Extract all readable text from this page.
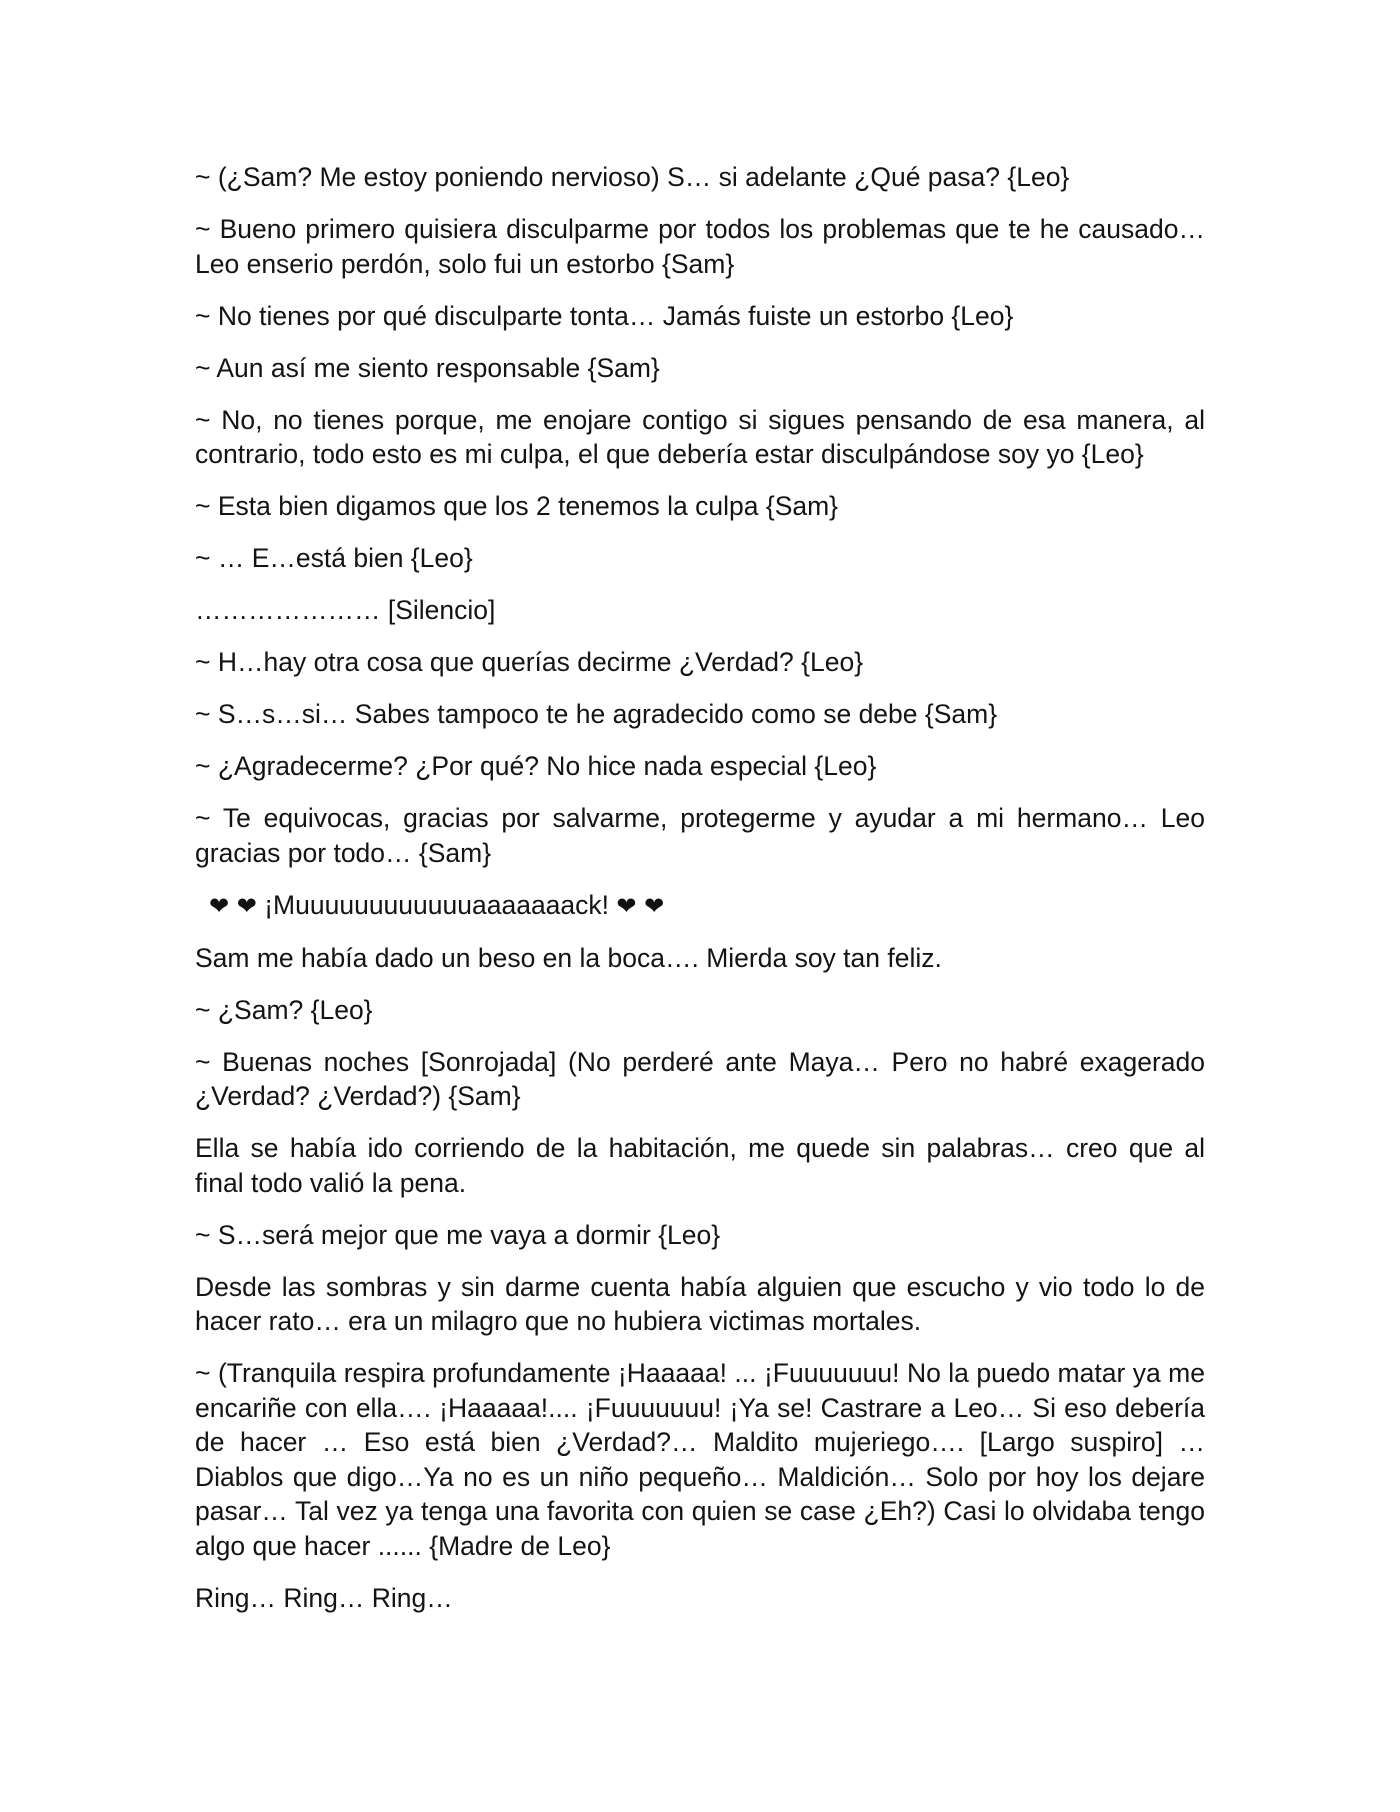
~ (¿Sam? Me estoy poniendo nervioso) S… si adelante ¿Qué pasa? {Leo}

~ Bueno primero quisiera disculparme por todos los problemas que te he causado… Leo enserio perdón, solo fui un estorbo {Sam}

~ No tienes por qué disculparte tonta… Jamás fuiste un estorbo {Leo}

~ Aun así me siento responsable {Sam}

~ No, no tienes porque, me enojare contigo si sigues pensando de esa manera, al contrario, todo esto es mi culpa, el que debería estar disculpándose soy yo {Leo}

~ Esta bien digamos que los 2 tenemos la culpa {Sam}

~ … E…está bien {Leo}

………………… [Silencio]

~ H…hay otra cosa que querías decirme ¿Verdad? {Leo}

~ S…s…si… Sabes tampoco te he agradecido como se debe {Sam}

~ ¿Agradecerme? ¿Por qué? No hice nada especial {Leo}

~ Te equivocas, gracias por salvarme, protegerme y ayudar a mi hermano… Leo gracias por todo… {Sam}

❤ ❤ ¡Muuuuuuuuuuuuaaaaaaack! ❤ ❤

Sam me había dado un beso en la boca…. Mierda soy tan feliz.

~ ¿Sam? {Leo}

~ Buenas noches [Sonrojada] (No perderé ante Maya… Pero no habré exagerado ¿Verdad? ¿Verdad?) {Sam}

Ella se había ido corriendo de la habitación, me quede sin palabras… creo que al final todo valió la pena.

~ S…será mejor que me vaya a dormir {Leo}

Desde las sombras y sin darme cuenta había alguien que escucho y vio todo lo de hacer rato… era un milagro que no hubiera victimas mortales.

~ (Tranquila respira profundamente ¡Haaaaa! ... ¡Fuuuuuuu! No la puedo matar ya me encariñe con ella…. ¡Haaaaa!.... ¡Fuuuuuuu! ¡Ya se! Castrare a Leo… Si eso debería de hacer … Eso está bien ¿Verdad?… Maldito mujeriego…. [Largo suspiro] … Diablos que digo…Ya no es un niño pequeño… Maldición… Solo por hoy los dejare pasar… Tal vez ya tenga una favorita con quien se case ¿Eh?) Casi lo olvidaba tengo algo que hacer ...... {Madre de Leo}

Ring… Ring… Ring…
